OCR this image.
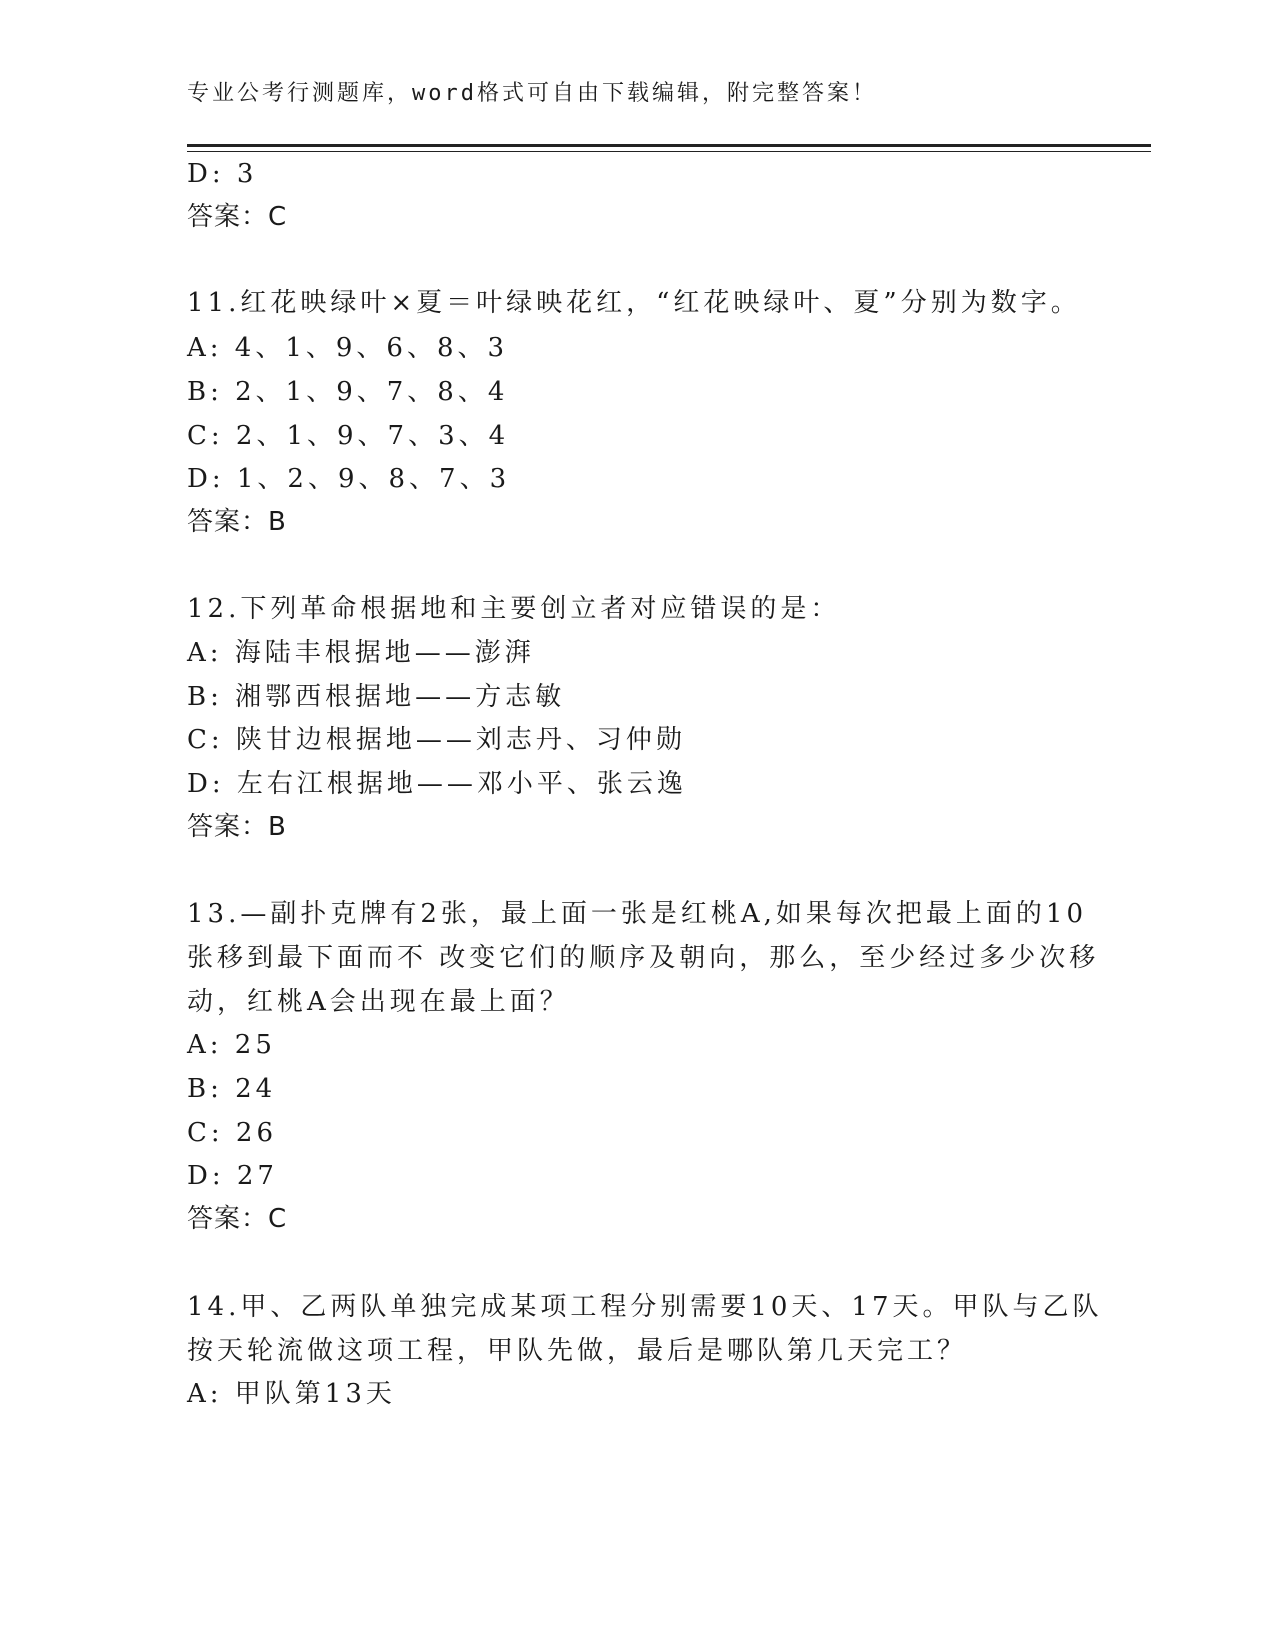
专业公考行测题库，word格式可自由下载编辑，附完整答案！
D: 3
答案：C
11.红花映绿叶×夏＝叶绿映花红，“红花映绿叶、夏”分别为数字。
A: 4、1、9、6、8、3
B: 2、1、9、7、8、4
C: 2、1、9、7、3、4
D: 1、2、9、8、7、3
答案：B
12.下列革命根据地和主要创立者对应错误的是：
A: 海陆丰根据地——澎湃
B: 湘鄂西根据地——方志敏
C: 陕甘边根据地——刘志丹、习仲勋
D: 左右江根据地——邓小平、张云逸
答案：B
13.—副扑克牌有2张，最上面一张是红桃A,如果每次把最上面的10
张移到最下面而不 改变它们的顺序及朝向，那么，至少经过多少次移
动，红桃A会出现在最上面？
A: 25
B: 24
C: 26
D: 27
答案：C
14.甲、乙两队单独完成某项工程分别需要10天、17天。甲队与乙队
按天轮流做这项工程，甲队先做，最后是哪队第几天完工？
A: 甲队第13天
